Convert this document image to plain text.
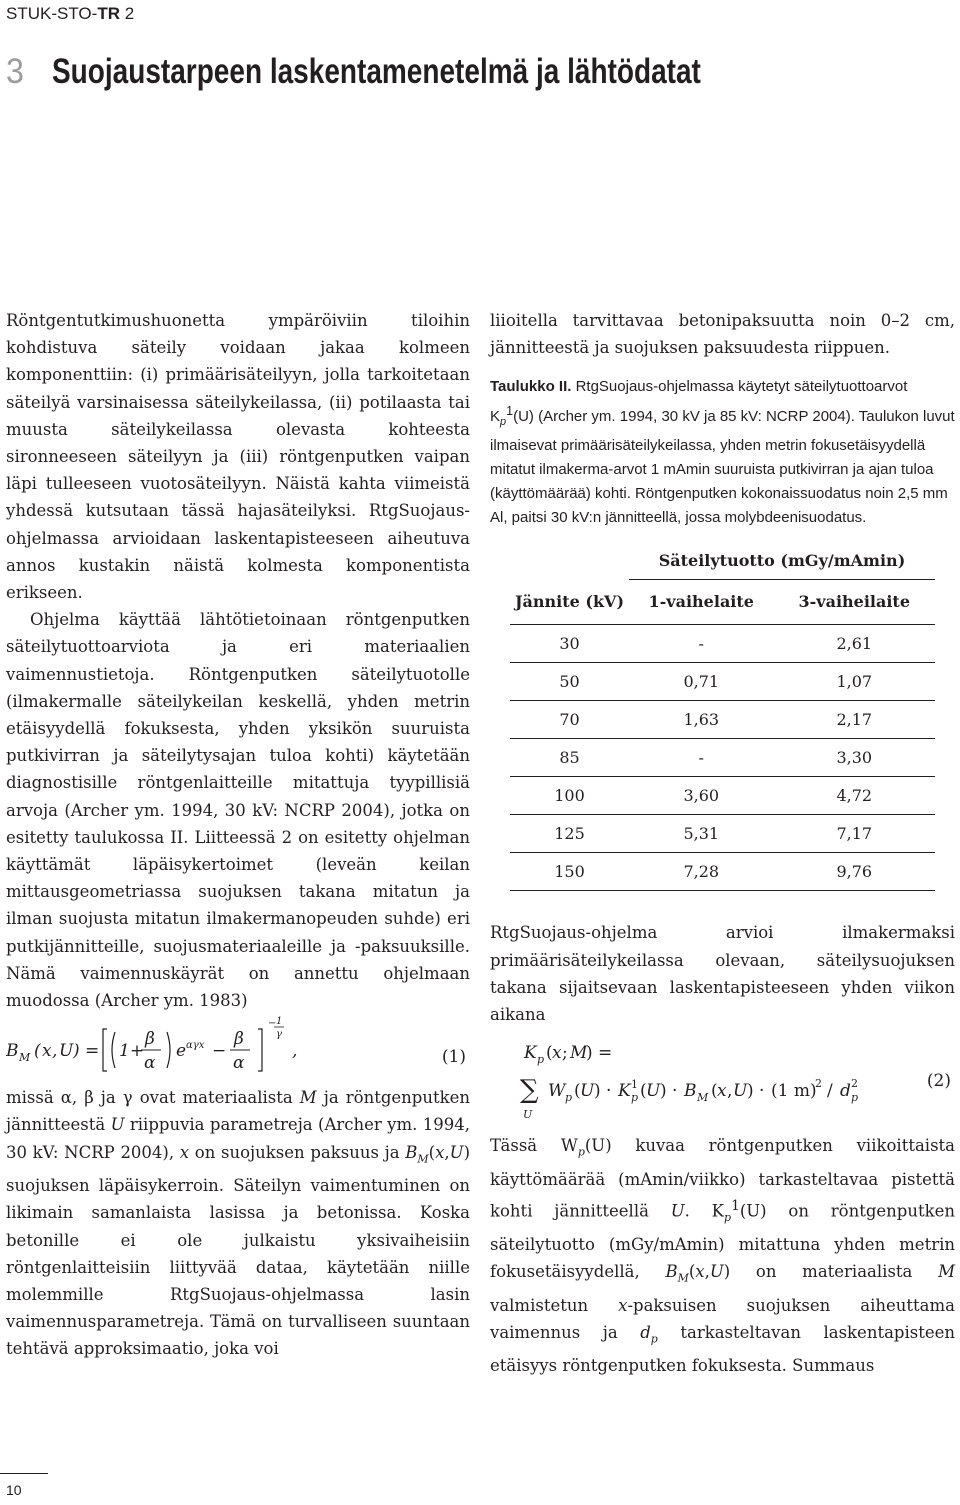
STUK-STO-TR 2
3 Suojaustarpeen laskentamenetelmä ja lähtödatat

Röntgentutkimushuonetta ympäröiviin tiloihin kohdistuva säteily voidaan jakaa kolmeen komponenttiin: (i) primäärisäteilyyn, jolla tarkoitetaan säteilyä varsinaisessa säteilykeilassa, (ii) potilaasta tai muusta säteilykeilassa olevasta kohteesta sironneeseen säteilyyn ja (iii) röntgenputken vaipan läpi tulleeseen vuotosäteilyyn. Näistä kahta viimeistä yhdessä kutsutaan tässä hajasäteilyksi. RtgSuojaus-ohjelmassa arvioidaan laskentapisteeseen aiheutuva annos kustakin näistä kolmesta komponentista erikseen.

Ohjelma käyttää lähtötietoinaan röntgenputken säteilytuottoarviota ja eri materiaalien vaimennustietoja. Röntgenputken säteilytuotolle (ilmakermalle säteilykeilan keskellä, yhden metrin etäisyydellä fokuksesta, yhden yksikön suuruista putkivirran ja säteilytysajan tuloa kohti) käytetään diagnostisille röntgenlaitteille mitattuja tyypillisiä arvoja (Archer ym. 1994, 30 kV: NCRP 2004), jotka on esitetty taulukossa II. Liitteessä 2 on esitetty ohjelman käyttämät läpäisykertoimet (leveän keilan mittausgeometriassa suojuksen takana mitatun ja ilman suojusta mitatun ilmakermanopeuden suhde) eri putkijännitteille, suojusmateriaaleille ja -paksuuksille. Nämä vaimennuskäyrät on annettu ohjelmaan muodossa (Archer ym. 1983)

B M ( x , U ) = 1+
β
α
e αγx −
β
α
− 1
γ
,	(1)

missä α, β ja γ ovat materiaalista M ja röntgenputken jännitteestä U riippuvia parametreja (Archer ym. 1994, 30 kV: NCRP 2004), x on suojuksen paksuus ja $B_M(x,U)$ suojuksen läpäisykerroin. Säteilyn vaimentuminen on likimain samanlaista lasissa ja betonissa. Koska betonille ei ole julkaistu yksivaiheisiin röntgenlaitteisiin liittyvää dataa, käytetään niille molemmille RtgSuojaus-ohjelmassa lasin vaimennusparametreja. Tämä on turvalliseen suuntaan tehtävä approksimaatio, joka voi

liioitella tarvittavaa betonipaksuutta noin 0–2 cm, jännitteestä ja suojuksen paksuudesta riippuen.

Taulukko II. RtgSuojaus-ohjelmassa käytetyt säteilytuottoarvot $K_p^1(U)$ (Archer ym. 1994, 30 kV ja 85 kV: NCRP 2004). Taulukon luvut ilmaisevat primäärisäteilykeilassa, yhden metrin fokusetäisyydellä mitatut ilmakerma-arvot 1 mAmin suuruista putkivirran ja ajan tuloa (käyttömäärää) kohti. Röntgenputken kokonaissuodatus noin 2,5 mm Al, paitsi 30 kV:n jännitteellä, jossa molybdeenisuodatus.
	Säteilytuotto (mGy/mAmin)	
Jännite (kV)	1-vaihelaite	3-vaiheilaite
30	-	2,61
50	0,71	1,07
70	1,63	2,17
85	-	3,30
100	3,60	4,72
125	5,31	7,17
150	7,28	9,76

RtgSuojaus-ohjelma arvioi ilmakermaksi primäärisäteilykeilassa olevaan, säteilysuojuksen takana sijaitsevaan laskentapisteeseen yhden viikon aikana

K p ( x ; M
) =
∑
U
W p ( U ) · K p
1 ( U ) · B M ( x , U ) · (1 m)
2 / d p
2	(2)

Tässä $W_p(U)$ kuvaa röntgenputken viikoittaista käyttömäärää (mAmin/viikko) tarkasteltavaa pistettä kohti jännitteellä U. $K_p^1(U)$ on röntgenputken säteilytuotto (mGy/mAmin) mitattuna yhden metrin fokusetäisyydellä, $B_M(x,U)$ on materiaalista M valmistetun x-paksuisen suojuksen aiheuttama vaimennus ja $d_p$ tarkasteltavan laskentapisteen etäisyys röntgenputken fokuksesta. Summaus

10
